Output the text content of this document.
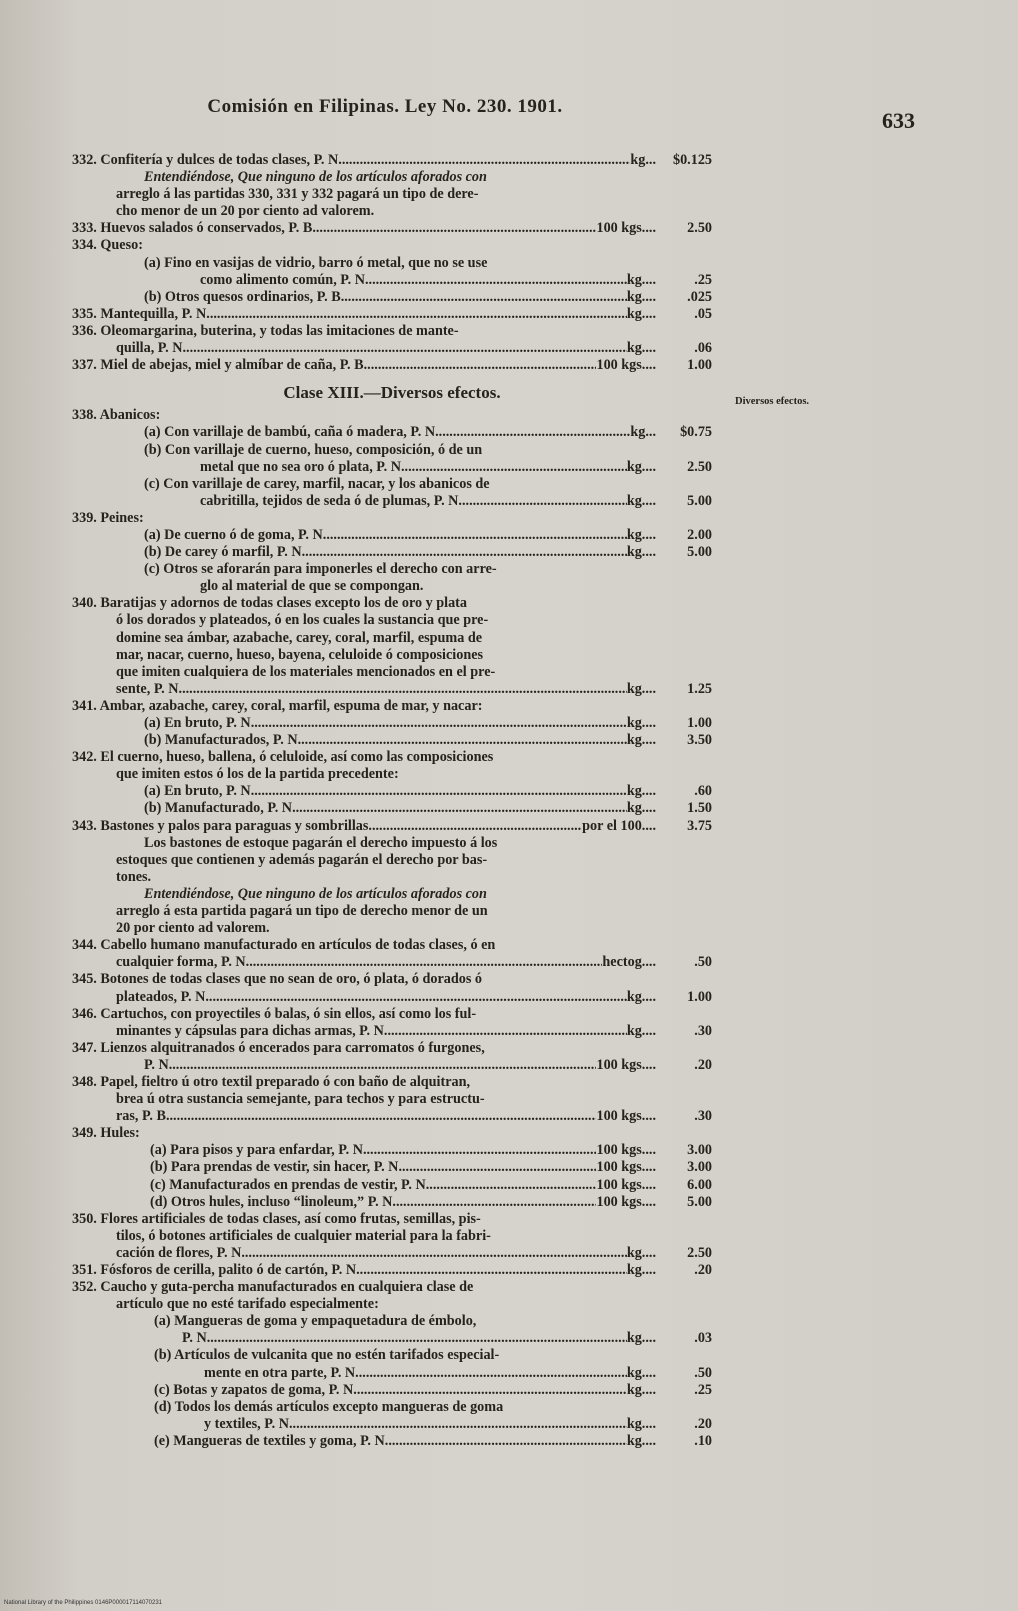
Comisión en Filipinas. Ley No. 230. 1901.
633
Diversos efectos.
332. Confitería y dulces de todas clases, P. N .....	kg...	$0.125
Entendiéndose, Que ninguno de los artículos aforados con
arreglo á las partidas 330, 331 y 332 pagará un tipo de dere-
cho menor de un 20 por ciento ad valorem.
333. Huevos salados ó conservados, P. B .....	100 kgs....	2.50
334. Queso:
(a) Fino en vasijas de vidrio, barro ó metal, que no se use
como alimento común, P. N .....	kg....	.25
(b) Otros quesos ordinarios, P. B .....	kg....	.025
335. Mantequilla, P. N .....	kg....	.05
336. Oleomargarina, buterina, y todas las imitaciones de mante-
quilla, P. N .....	kg....	.06
337. Miel de abejas, miel y almíbar de caña, P. B .....	100 kgs....	1.00
Clase XIII.—Diversos efectos.
338. Abanicos:
(a) Con varillaje de bambú, caña ó madera, P. N .....	kg...	$0.75
(b) Con varillaje de cuerno, hueso, composición, ó de un
metal que no sea oro ó plata, P. N .....	kg....	2.50
(c) Con varillaje de carey, marfil, nacar, y los abanicos de
cabritilla, tejidos de seda ó de plumas, P. N .....	kg....	5.00
339. Peines:
(a) De cuerno ó de goma, P. N .....	kg....	2.00
(b) De carey ó marfil, P. N .....	kg....	5.00
(c) Otros se aforarán para imponerles el derecho con arre-
glo al material de que se compongan.
340. Baratijas y adornos de todas clases excepto los de oro y plata
ó los dorados y plateados, ó en los cuales la sustancia que pre-
domine sea ámbar, azabache, carey, coral, marfil, espuma de
mar, nacar, cuerno, hueso, bayena, celuloide ó composiciones
que imiten cualquiera de los materiales mencionados en el pre-
sente, P. N .....	kg....	1.25
341. Ambar, azabache, carey, coral, marfil, espuma de mar, y nacar:
(a) En bruto, P. N .....	kg....	1.00
(b) Manufacturados, P. N .....	kg....	3.50
342. El cuerno, hueso, ballena, ó celuloide, así como las composiciones
que imiten estos ó los de la partida precedente:
(a) En bruto, P. N .....	kg....	.60
(b) Manufacturado, P. N .....	kg....	1.50
343. Bastones y palos para paraguas y sombrillas .....	por el 100....	3.75
Los bastones de estoque pagarán el derecho impuesto á los
estoques que contienen y además pagarán el derecho por bas-
tones.
Entendiéndose, Que ninguno de los artículos aforados con
arreglo á esta partida pagará un tipo de derecho menor de un
20 por ciento ad valorem.
344. Cabello humano manufacturado en artículos de todas clases, ó en
cualquier forma, P. N .....	hectog....	.50
345. Botones de todas clases que no sean de oro, ó plata, ó dorados ó
plateados, P. N .....	kg....	1.00
346. Cartuchos, con proyectiles ó balas, ó sin ellos, así como los ful-
minantes y cápsulas para dichas armas, P. N .....	kg....	.30
347. Lienzos alquitranados ó encerados para carromatos ó furgones,
P. N .....	100 kgs....	.20
348. Papel, fieltro ú otro textil preparado ó con baño de alquitran,
brea ú otra sustancia semejante, para techos y para estructu-
ras, P. B .....	100 kgs....	.30
349. Hules:
(a) Para pisos y para enfardar, P. N .....	100 kgs....	3.00
(b) Para prendas de vestir, sin hacer, P. N .....	100 kgs....	3.00
(c) Manufacturados en prendas de vestir, P. N .....	100 kgs....	6.00
(d) Otros hules, incluso “linoleum,” P. N .....	100 kgs....	5.00
350. Flores artificiales de todas clases, así como frutas, semillas, pis-
tilos, ó botones artificiales de cualquier material para la fabri-
cación de flores, P. N .....	kg....	2.50
351. Fósforos de cerilla, palito ó de cartón, P. N .....	kg....	.20
352. Caucho y guta-percha manufacturados en cualquiera clase de
artículo que no esté tarifado especialmente:
(a) Mangueras de goma y empaquetadura de émbolo,
P. N .....	kg....	.03
(b) Artículos de vulcanita que no estén tarifados especial-
mente en otra parte, P. N .....	kg....	.50
(c) Botas y zapatos de goma, P. N .....	kg....	.25
(d) Todos los demás artículos excepto mangueras de goma
y textiles, P. N .....	kg....	.20
(e) Mangueras de textiles y goma, P. N .....	kg....	.10
National Library of the Philippines 0146P000017114070231
